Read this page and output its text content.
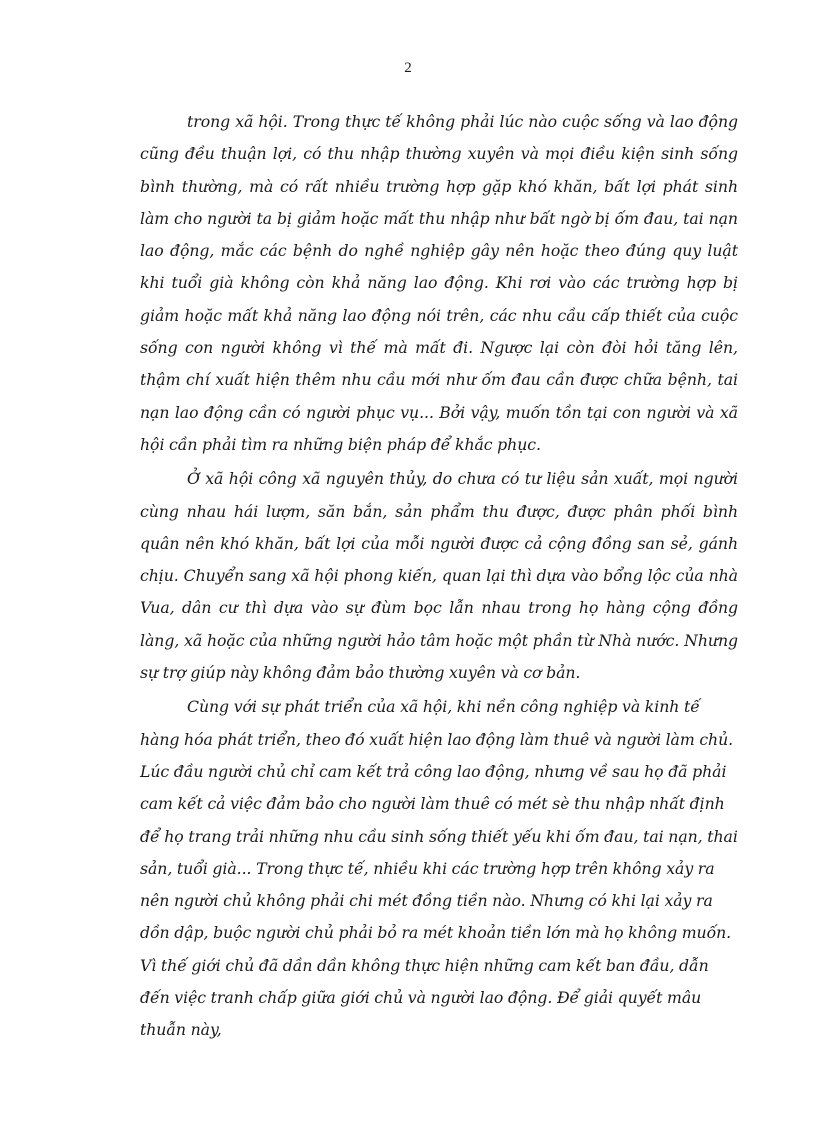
2

trong xã hội. Trong thực tế không phải lúc nào cuộc sống và lao động cũng đều thuận lợi, có thu nhập thường xuyên và mọi điều kiện sinh sống bình thường, mà có rất nhiều trường hợp gặp khó khăn, bất lợi phát sinh làm cho người ta bị giảm hoặc mất thu nhập như bất ngờ bị ốm đau, tai nạn lao động, mắc các bệnh do nghề nghiệp gây nên hoặc theo đúng quy luật khi tuổi già không còn khả năng lao động. Khi rơi vào các trường hợp bị giảm hoặc mất khả năng lao động nói trên, các nhu cầu cấp thiết của cuộc sống con người không vì thế mà mất đi. Ngược lại còn đòi hỏi tăng lên, thậm chí xuất hiện thêm nhu cầu mới như ốm đau cần được chữa bệnh, tai nạn lao động cần có người phục vụ... Bởi vậy, muốn tồn tại con người và xã hội cần phải tìm ra những biện pháp để khắc phục.

Ở xã hội công xã nguyên thủy, do chưa có tư liệu sản xuất, mọi người cùng nhau hái lượm, săn bắn, sản phẩm thu được, được phân phối bình quân nên khó khăn, bất lợi của mỗi người được cả cộng đồng san sẻ, gánh chịu. Chuyển sang xã hội phong kiến, quan lại thì dựa vào bổng lộc của nhà Vua, dân cư thì dựa vào sự đùm bọc lẫn nhau trong họ hàng cộng đồng làng, xã hoặc của những người hảo tâm hoặc một phần từ Nhà nước. Nhưng sự trợ giúp này không đảm bảo thường xuyên và cơ bản.

Cùng với sự phát triển của xã hội, khi nền công nghiệp và kinh tế hàng hóa phát triển, theo đó xuất hiện lao động làm thuê và người làm chủ. Lúc đầu người chủ chỉ cam kết trả công lao động, nhưng về sau họ đã phải cam kết cả việc đảm bảo cho người làm thuê có mét sè thu nhập nhất định để họ trang trải những nhu cầu sinh sống thiết yếu khi ốm đau, tai nạn, thai sản, tuổi già... Trong thực tế, nhiều khi các trường hợp trên không xảy ra nên người chủ không phải chi mét đồng tiền nào. Nhưng có khi lại xảy ra dồn dập, buộc người chủ phải bỏ ra mét khoản tiền lớn mà họ không muốn. Vì thế giới chủ đã dần dần không thực hiện những cam kết ban đầu, dẫn đến việc tranh chấp giữa giới chủ và người lao động. Để giải quyết mâu thuẫn này,
